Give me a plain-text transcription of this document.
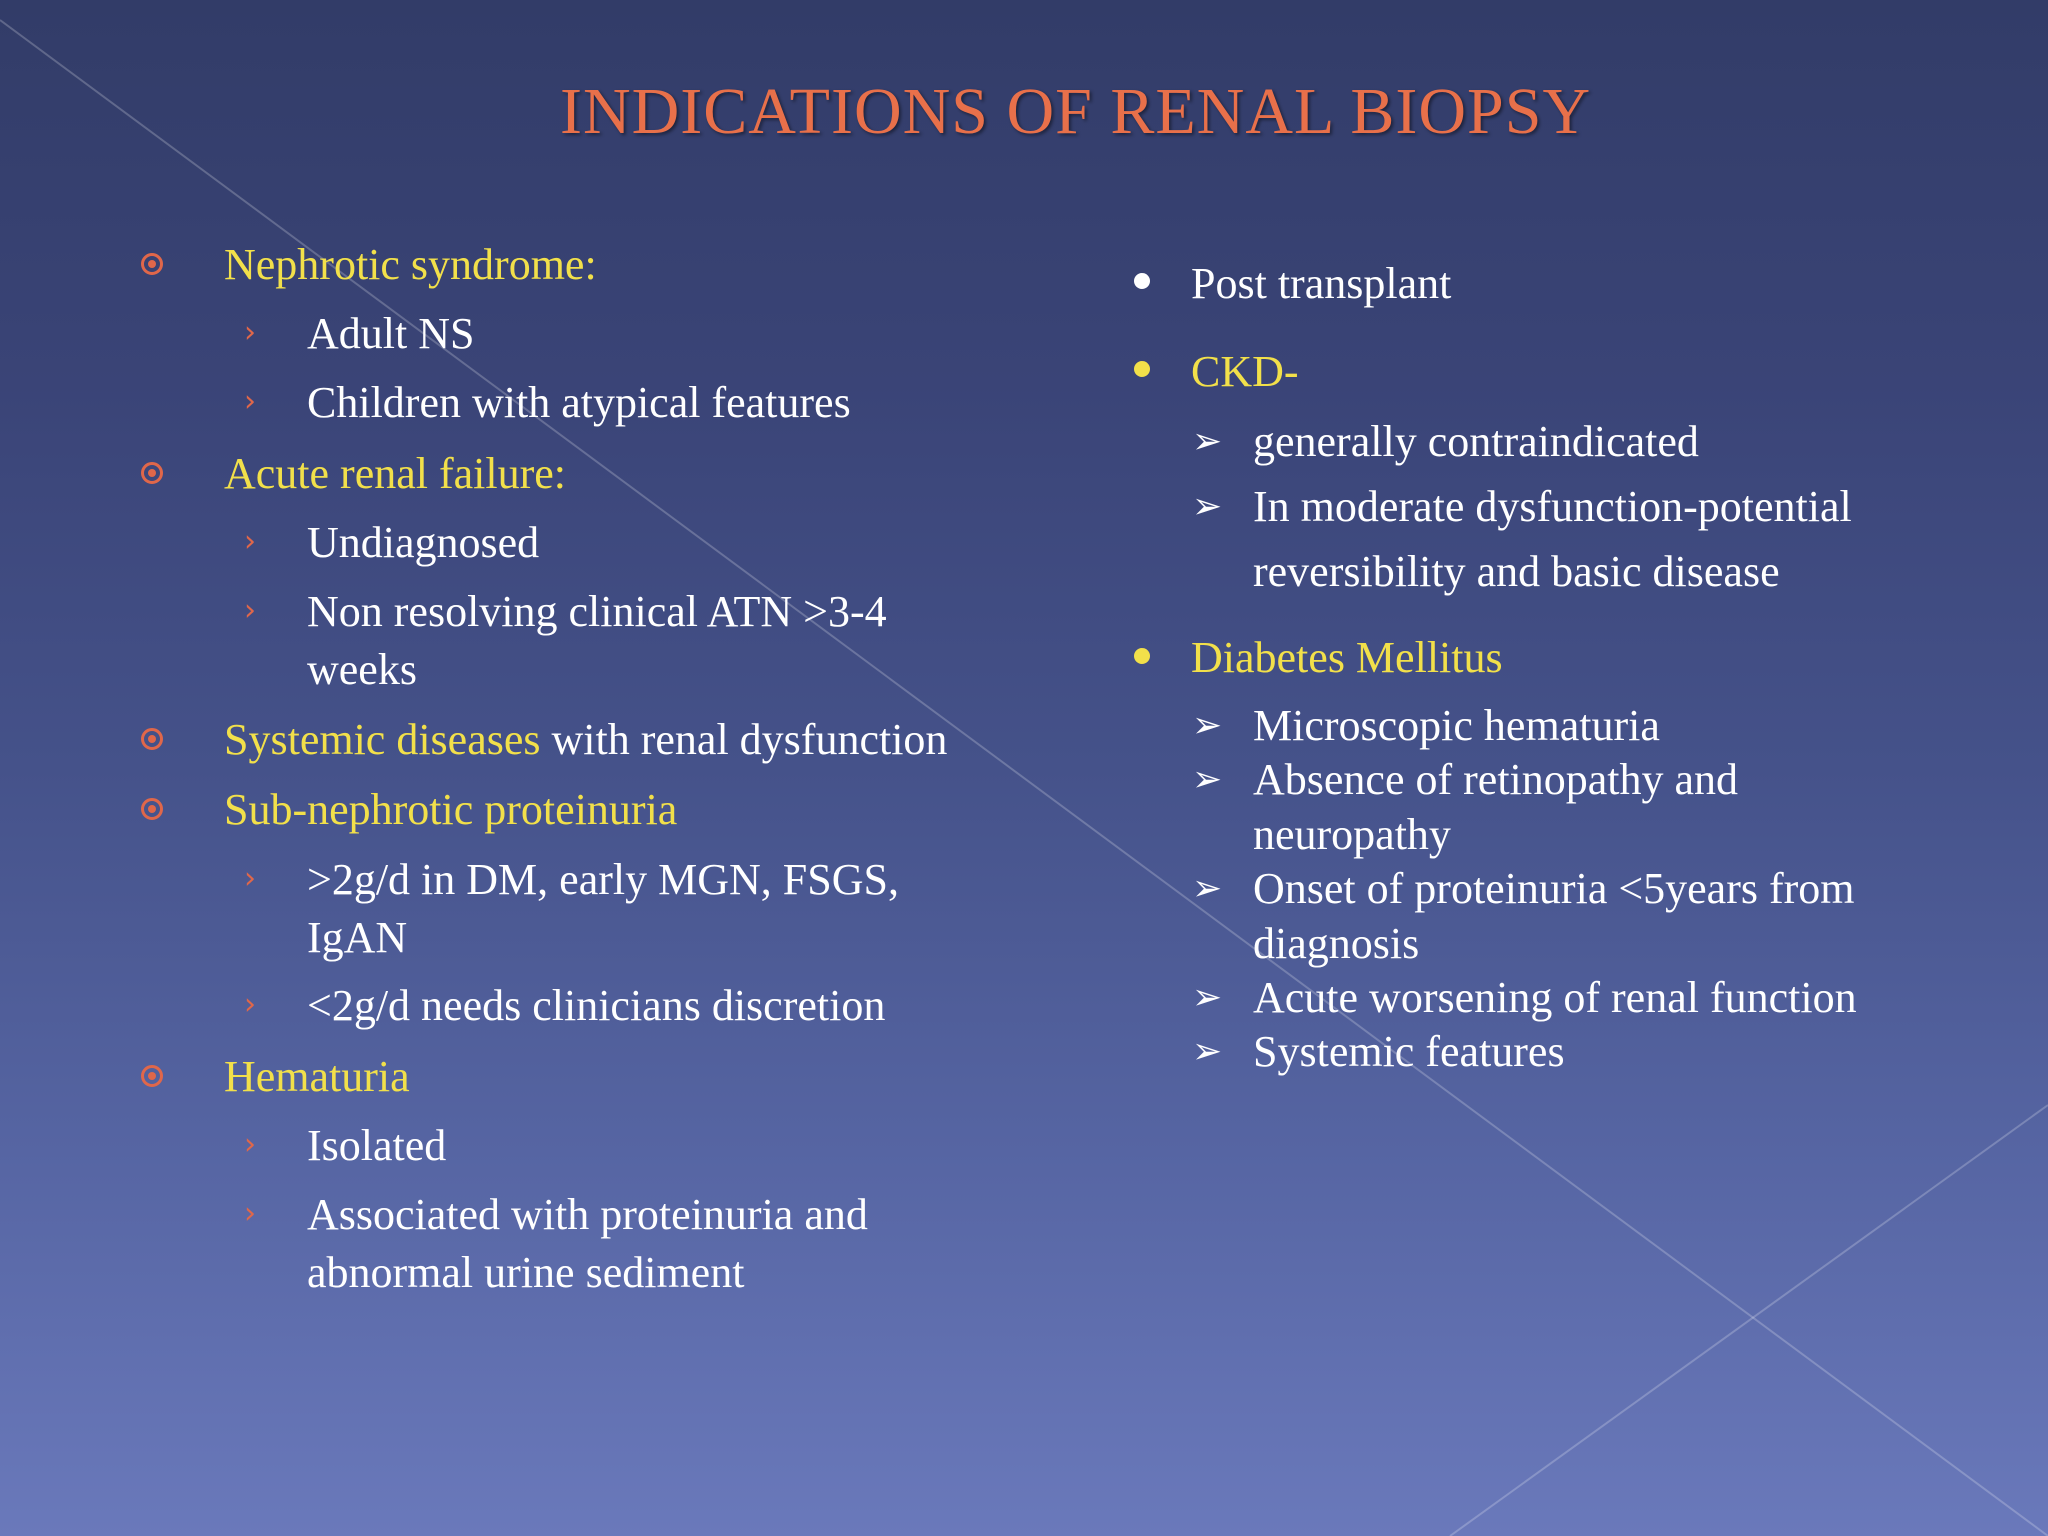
INDICATIONS OF RENAL BIOPSY
Nephrotic syndrome:
› Adult NS
› Children with atypical features
Acute renal failure:
› Undiagnosed
› Non resolving clinical ATN >3-4
weeks
Systemic diseases with renal dysfunction
Sub-nephrotic proteinuria
› >2g/d in DM, early MGN, FSGS,
IgAN
› <2g/d needs clinicians discretion
Hematuria
› Isolated
› Associated with proteinuria and
abnormal urine sediment
Post transplant
CKD-
➢ generally contraindicated
➢ In moderate dysfunction-potential
reversibility and basic disease
Diabetes Mellitus
➢ Microscopic hematuria
➢ Absence of retinopathy and
neuropathy
➢ Onset of proteinuria <5years from
diagnosis
➢ Acute worsening of renal function
➢ Systemic features
